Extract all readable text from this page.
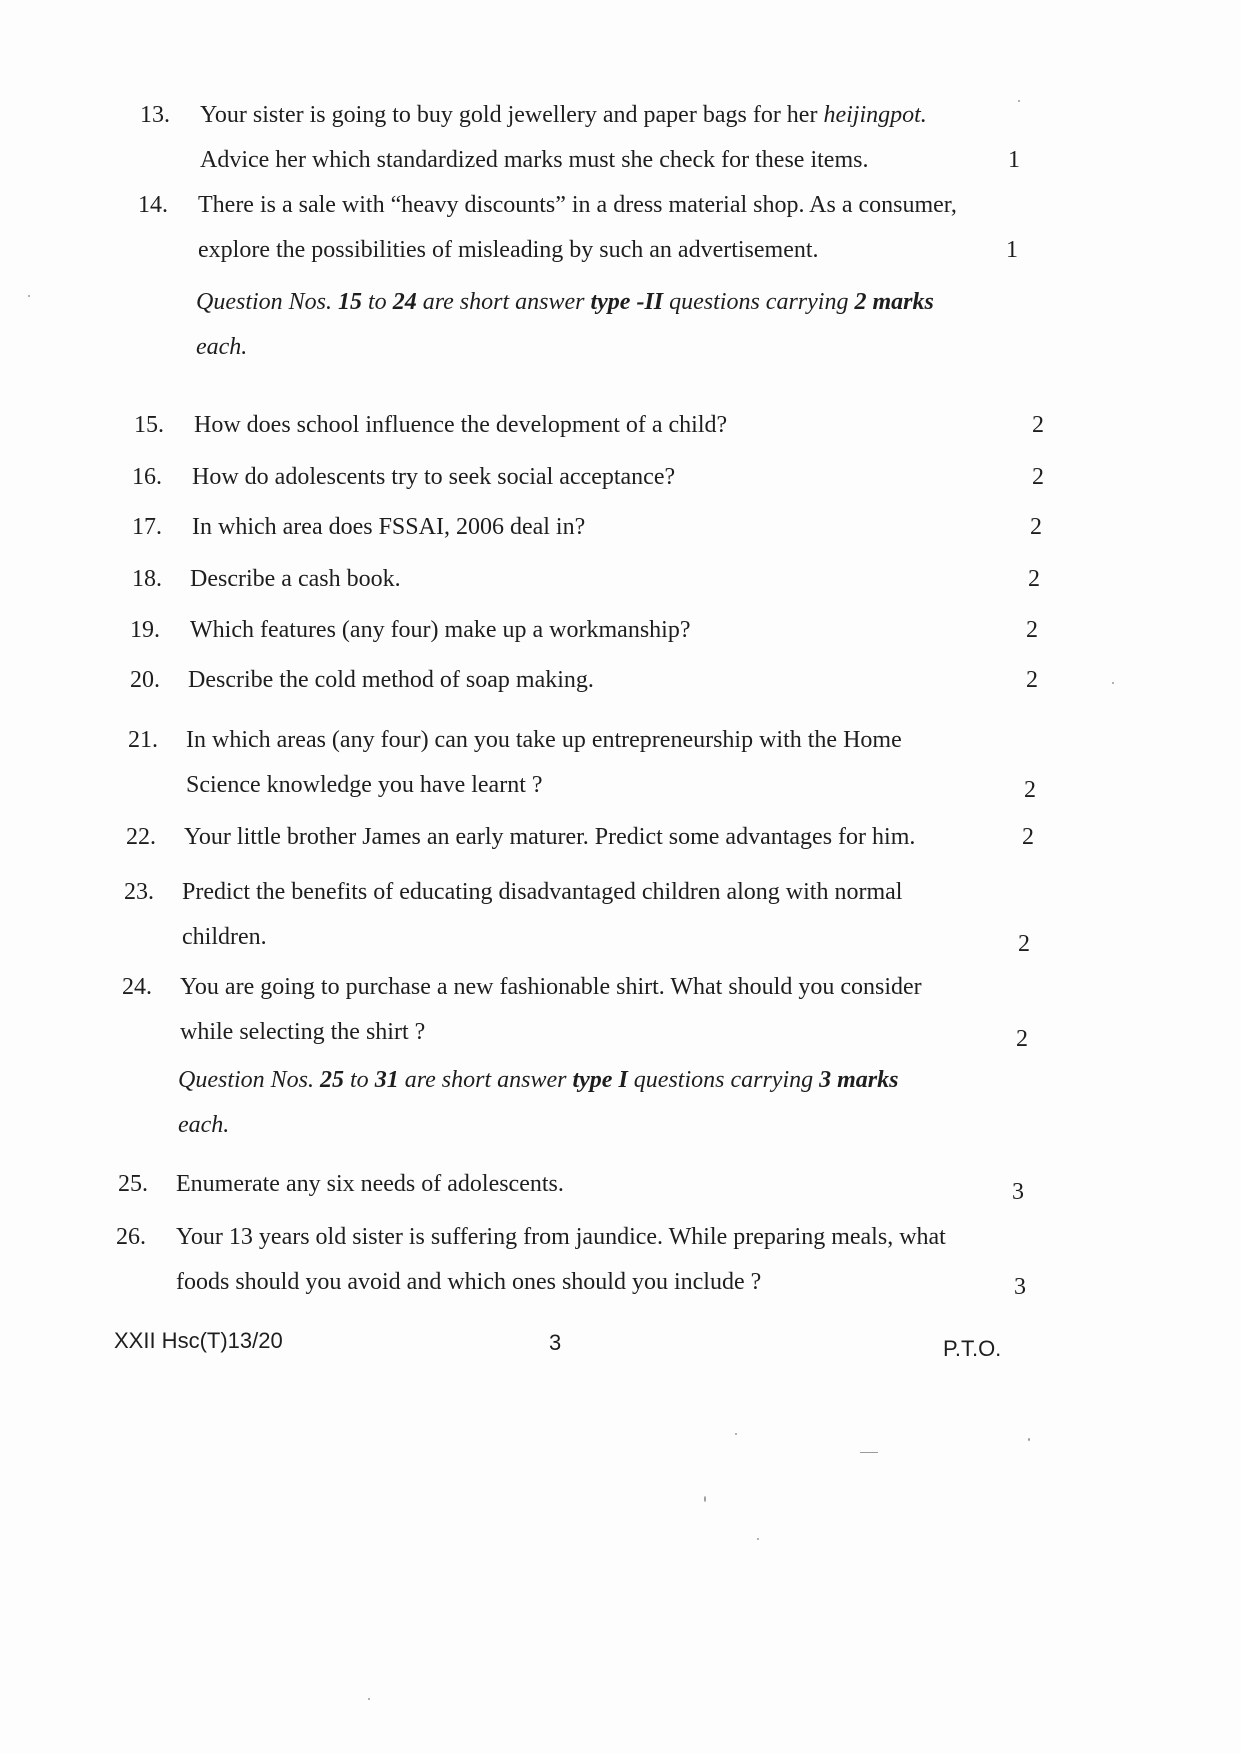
13. Your sister is going to buy gold jewellery and paper bags for her heijingpot.
Advice her which standardized marks must she check for these items.	1
14. There is a sale with “heavy discounts” in a dress material shop. As a consumer,
explore the possibilities of misleading by such an advertisement.	1
Question Nos. 15 to 24 are short answer type -II questions carrying 2 marks
each.
15. How does school influence the development of a child?	2
16. How do adolescents try to seek social acceptance?	2
17. In which area does FSSAI, 2006 deal in?	2
18. Describe a cash book.	2
19. Which features (any four) make up a workmanship?	2
20. Describe the cold method of soap making.	2
21. In which areas (any four) can you take up entrepreneurship with the Home
Science knowledge you have learnt ?	2
22. Your little brother James an early maturer. Predict some advantages for him.	2
23. Predict the benefits of educating disadvantaged children along with normal
children.	2
24. You are going to purchase a new fashionable shirt. What should you consider
while selecting the shirt ?	2
Question Nos. 25 to 31 are short answer type I questions carrying 3 marks
each.
25. Enumerate any six needs of adolescents.	3
26. Your 13 years old sister is suffering from jaundice. While preparing meals, what
foods should you avoid and which ones should you include ?	3
XXII Hsc(T)13/20	3	P.T.O.
